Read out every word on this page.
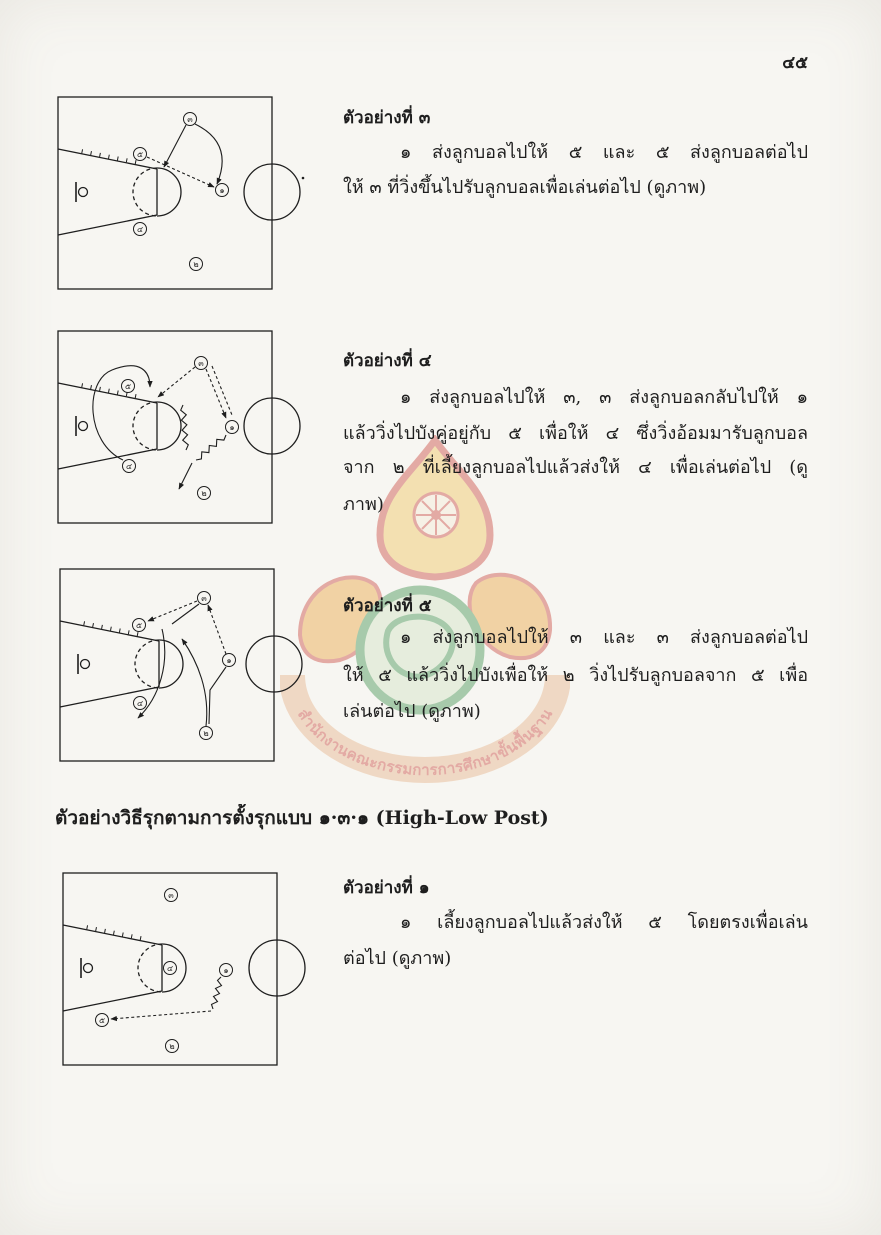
๔๕
สำนักงานคณะกรรมการการศึกษาขั้นพื้นฐาน
๓
๕
๑
๔
๒
๓
๕
๑
๔
๒
๓
๕
๑
๔
๒
๓
๔	๑
๕
๒
ตัวอย่างที่ ๓
๑ ส่งลูกบอลไปให้ ๕ และ ๕ ส่งลูกบอลต่อไป
ให้ ๓ ที่วิ่งขึ้นไปรับลูกบอลเพื่อเล่นต่อไป (ดูภาพ)
ตัวอย่างที่ ๔
๑ ส่งลูกบอลไปให้ ๓, ๓ ส่งลูกบอลกลับไปให้ ๑
แล้ววิ่งไปบังคู่อยู่กับ ๕ เพื่อให้ ๔ ซึ่งวิ่งอ้อมมารับลูกบอล
จาก ๒ ที่เลี้ยงลูกบอลไปแล้วส่งให้ ๔ เพื่อเล่นต่อไป (ดู
ภาพ)
ตัวอย่างที่ ๕
๑ ส่งลูกบอลไปให้ ๓ และ ๓ ส่งลูกบอลต่อไป
ให้ ๕ แล้ววิ่งไปบังเพื่อให้ ๒ วิ่งไปรับลูกบอลจาก ๕ เพื่อ
เล่นต่อไป (ดูภาพ)
ตัวอย่างวิธีรุกตามการตั้งรุกแบบ ๑·๓·๑ (High-Low Post)
ตัวอย่างที่ ๑
๑ เลี้ยงลูกบอลไปแล้วส่งให้ ๕ โดยตรงเพื่อเล่น
ต่อไป (ดูภาพ)
